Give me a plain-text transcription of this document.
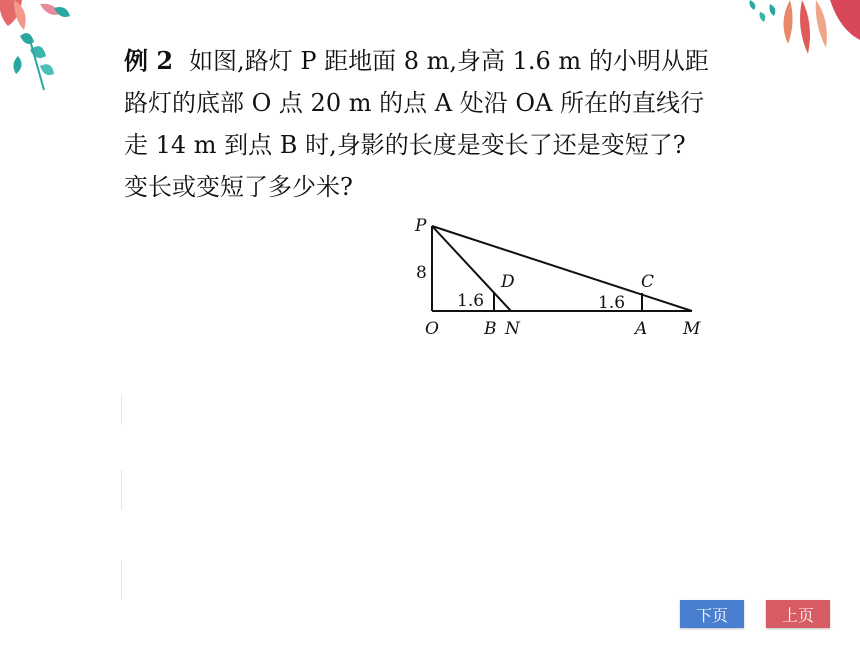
例 2 如图,路灯 P 距地面 8 m,身高 1.6 m 的小明从距路灯的底部 O 点 20 m 的点 A 处沿 OA 所在的直线行走 14 m 到点 B 时,身影的长度是变长了还是变短了? 变长或变短了多少米?
P
8	D
1.6
C
1.6
O	B N	A M
下页	上页
